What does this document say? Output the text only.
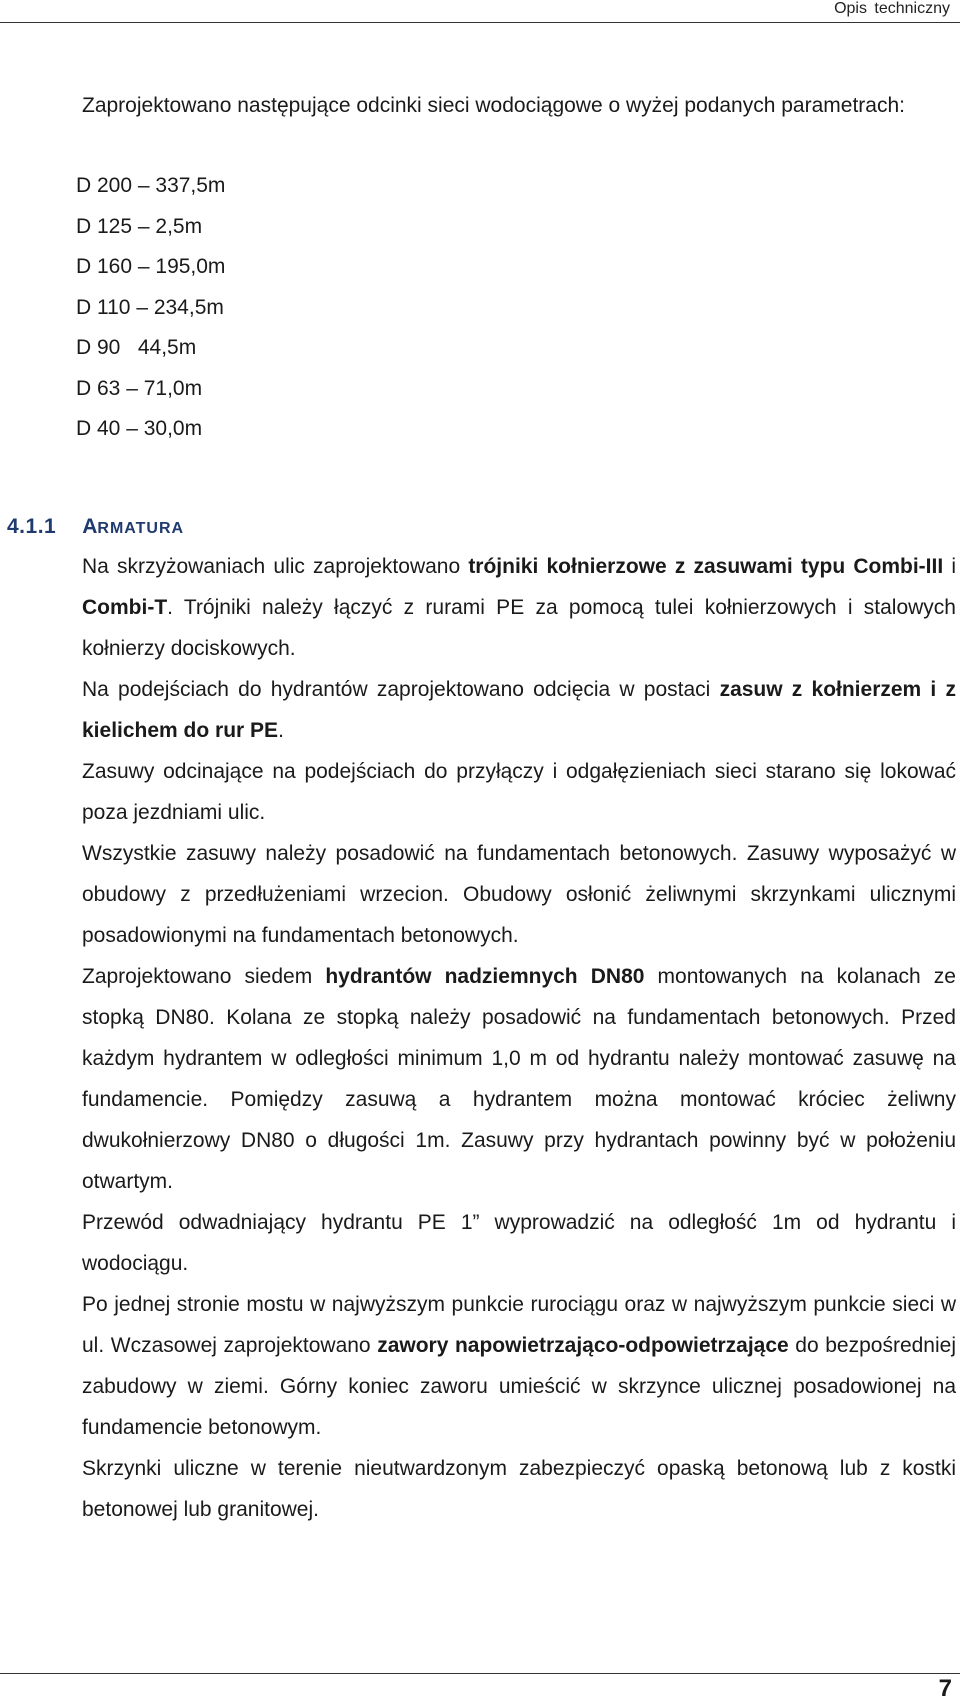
Opis techniczny

Zaprojektowano następujące odcinki sieci wodociągowe o wyżej podanych parametrach:

D 200 – 337,5m
D 125 – 2,5m
D 160 – 195,0m
D 110 – 234,5m
D 90   44,5m
D 63 – 71,0m
D 40 – 30,0m
4.1.1 ARMATURA

Na skrzyżowaniach ulic zaprojektowano trójniki kołnierzowe z zasuwami typu Combi-III i Combi-T. Trójniki należy łączyć z rurami PE za pomocą tulei kołnierzowych i stalowych kołnierzy dociskowych.

Na podejściach do hydrantów zaprojektowano odcięcia w postaci zasuw z kołnierzem i z kielichem do rur PE.

Zasuwy odcinające na podejściach do przyłączy i odgałęzieniach sieci starano się lokować poza jezdniami ulic.

Wszystkie zasuwy należy posadowić na fundamentach betonowych. Zasuwy wyposażyć w obudowy z przedłużeniami wrzecion. Obudowy osłonić żeliwnymi skrzynkami ulicznymi posadowionymi na fundamentach betonowych.

Zaprojektowano siedem hydrantów nadziemnych DN80 montowanych na kolanach ze stopką DN80. Kolana ze stopką należy posadowić na fundamentach betonowych. Przed każdym hydrantem w odległości minimum 1,0 m od hydrantu należy montować zasuwę na fundamencie. Pomiędzy zasuwą a hydrantem można montować króciec żeliwny dwukołnierzowy DN80 o długości 1m. Zasuwy przy hydrantach powinny być w położeniu otwartym.

Przewód odwadniający hydrantu PE 1” wyprowadzić na odległość 1m od hydrantu i wodociągu.

Po jednej stronie mostu w najwyższym punkcie rurociągu oraz w najwyższym punkcie sieci w ul. Wczasowej zaprojektowano zawory napowietrzająco-odpowietrzające do bezpośredniej zabudowy w ziemi. Górny koniec zaworu umieścić w skrzynce ulicznej posadowionej na fundamencie betonowym.

Skrzynki uliczne w terenie nieutwardzonym zabezpieczyć opaską betonową lub z kostki betonowej lub granitowej.

7
